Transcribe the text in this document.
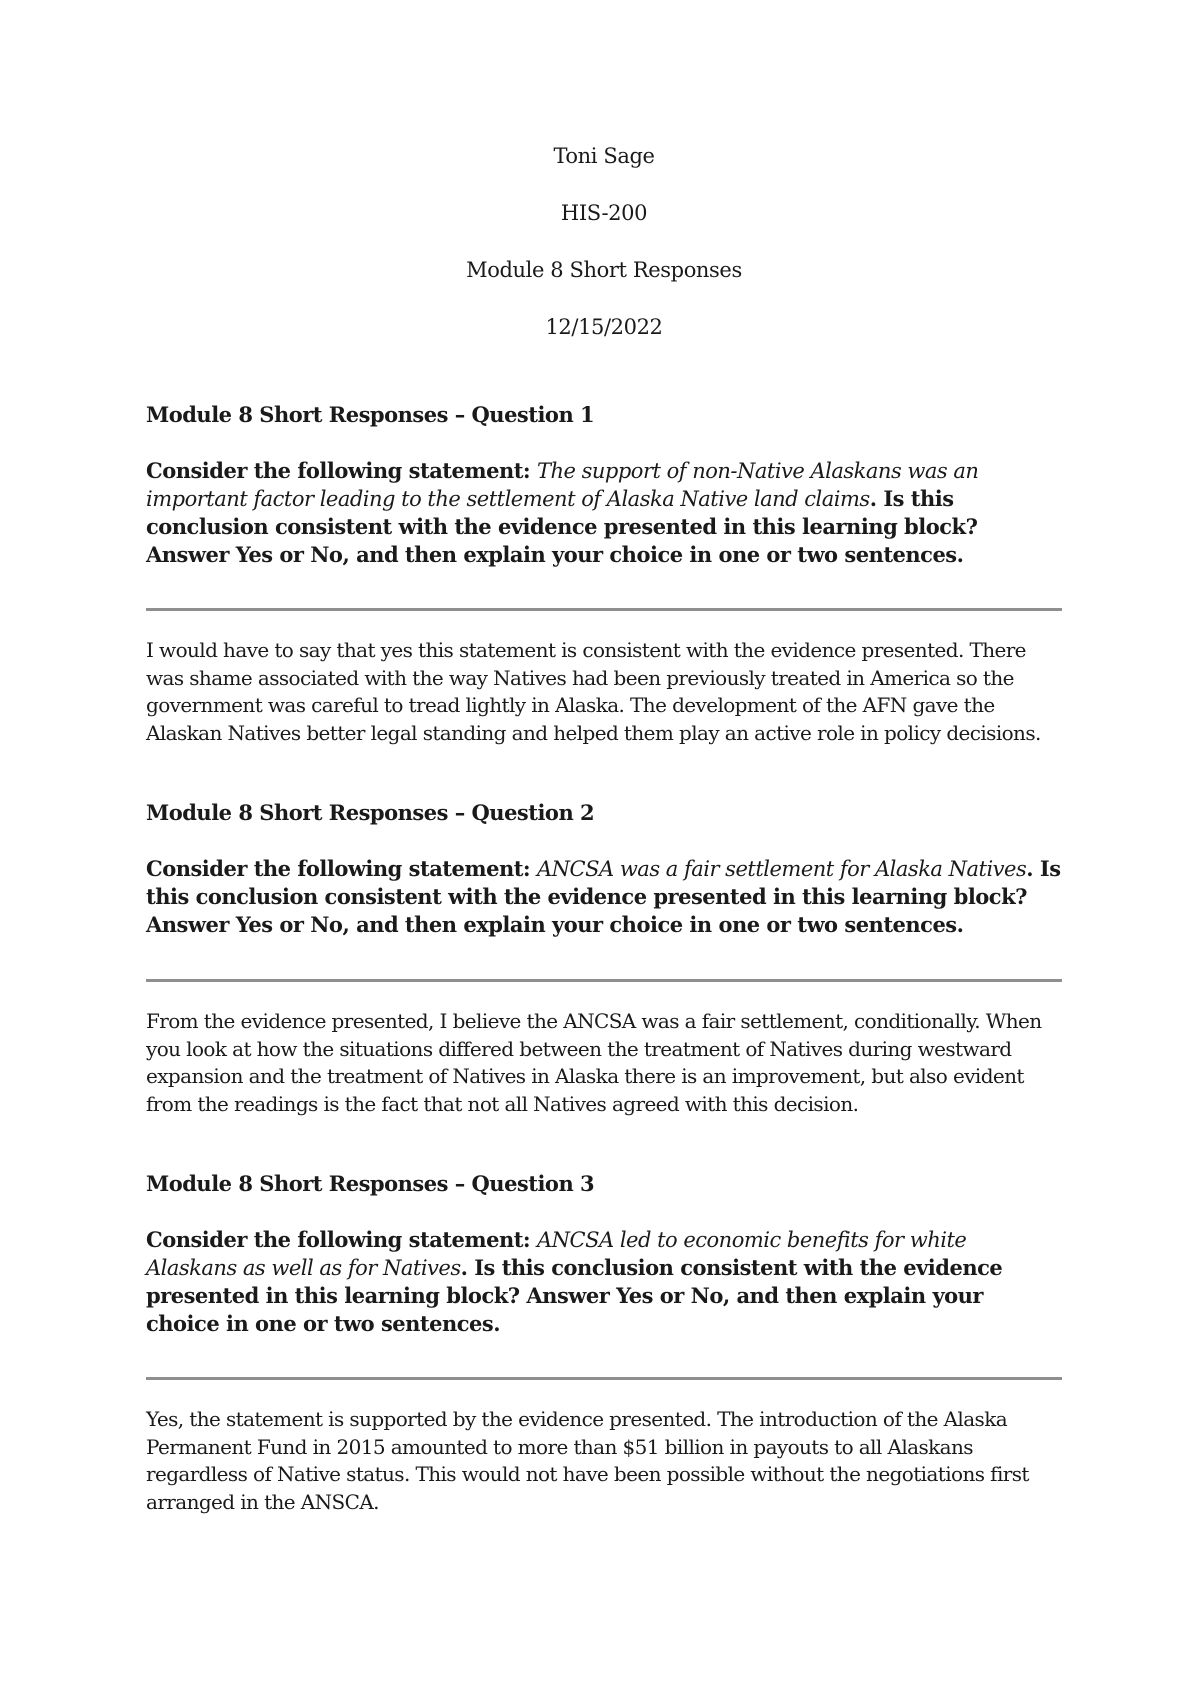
Toni Sage

HIS-200

Module 8 Short Responses

12/15/2022

Module 8 Short Responses – Question 1

Consider the following statement: The support of non-Native Alaskans was an important factor leading to the settlement of Alaska Native land claims. Is this conclusion consistent with the evidence presented in this learning block? Answer Yes or No, and then explain your choice in one or two sentences.

I would have to say that yes this statement is consistent with the evidence presented. There was shame associated with the way Natives had been previously treated in America so the government was careful to tread lightly in Alaska. The development of the AFN gave the Alaskan Natives better legal standing and helped them play an active role in policy decisions.

Module 8 Short Responses – Question 2

Consider the following statement: ANCSA was a fair settlement for Alaska Natives. Is this conclusion consistent with the evidence presented in this learning block? Answer Yes or No, and then explain your choice in one or two sentences.

From the evidence presented, I believe the ANCSA was a fair settlement, conditionally. When you look at how the situations differed between the treatment of Natives during westward expansion and the treatment of Natives in Alaska there is an improvement, but also evident from the readings is the fact that not all Natives agreed with this decision.

Module 8 Short Responses – Question 3

Consider the following statement: ANCSA led to economic benefits for white Alaskans as well as for Natives. Is this conclusion consistent with the evidence presented in this learning block? Answer Yes or No, and then explain your choice in one or two sentences.

Yes, the statement is supported by the evidence presented. The introduction of the Alaska Permanent Fund in 2015 amounted to more than $51 billion in payouts to all Alaskans regardless of Native status. This would not have been possible without the negotiations first arranged in the ANSCA.
